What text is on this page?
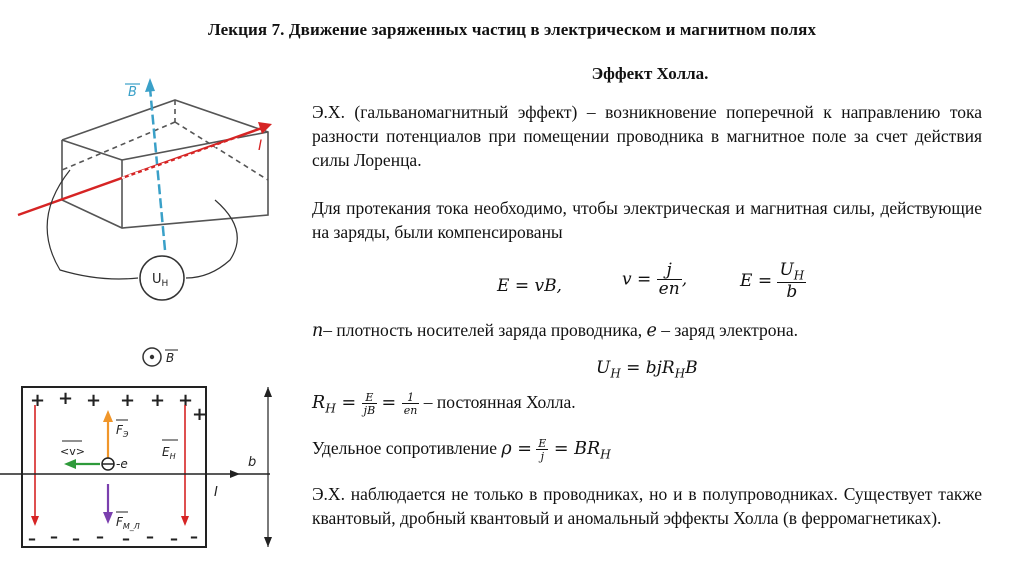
Лекция 7. Движение заряженных частиц в электрическом и магнитном полях
Эффект Холла.
Э.Х. (гальваномагнитный эффект) – возникновение поперечной к направлению тока разности потенциалов при помещении проводника в магнитное поле за счет действия силы Лоренца.
Для протекания тока необходимо, чтобы электрическая и магнитная силы, действующие на заряды, были компенсированы
E = vB,	$v = \frac{j}{en}$ ,	$E = \frac{U_H}{b}$
n– плотность носителей заряда проводника, e – заряд электрона.
$U_H = bjR_HB$
$R_H = \frac{E}{jB} = \frac{1}{en}$ – постоянная Холла.
Удельное сопротивление $\rho = \frac{E}{j} = BR_H$
Э.Х. наблюдается не только в проводниках, но и в полупроводниках. Существует также квантовый, дробный квантовый и аномальный эффекты Холла (в ферромагнетиках).
B
I
$U_H$
B
+ + + + + +
+
– – – – – – – –
$E_H$
I
$F_Э$
$F_{М\_Л}$
<v>
-e	b
